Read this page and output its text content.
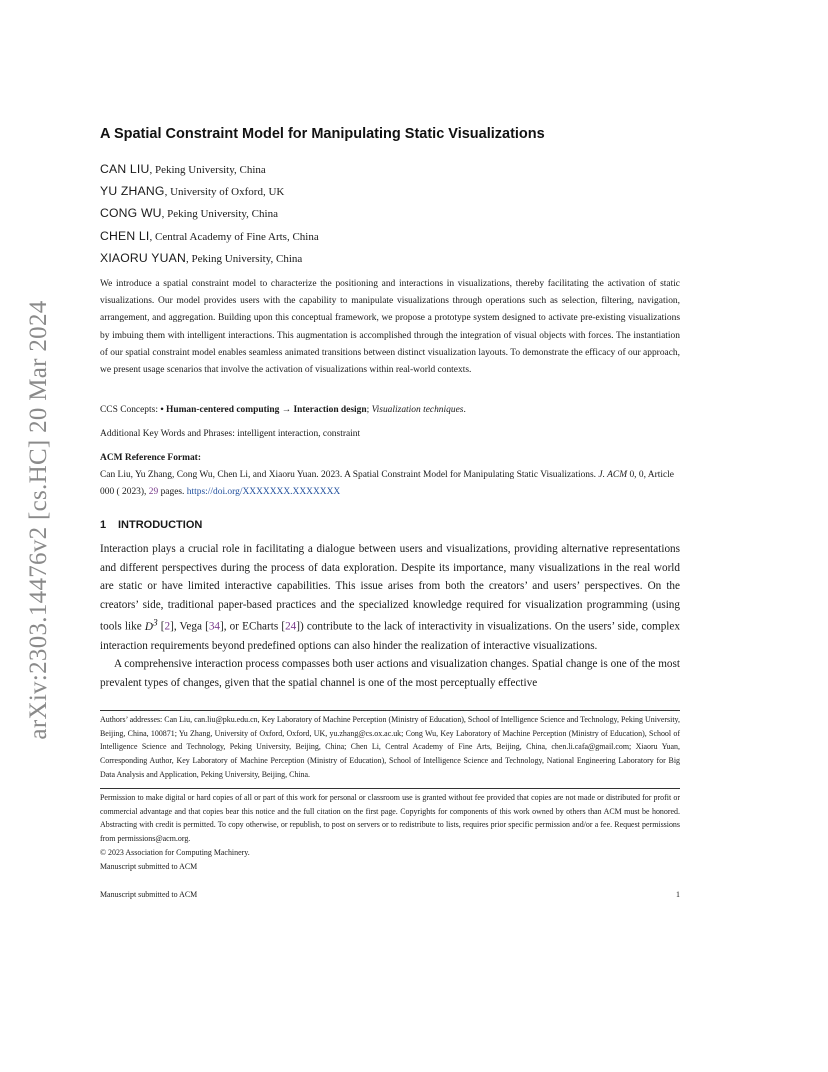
arXiv:2303.14476v2 [cs.HC] 20 Mar 2024
A Spatial Constraint Model for Manipulating Static Visualizations
CAN LIU, Peking University, China
YU ZHANG, University of Oxford, UK
CONG WU, Peking University, China
CHEN LI, Central Academy of Fine Arts, China
XIAORU YUAN, Peking University, China

We introduce a spatial constraint model to characterize the positioning and interactions in visualizations, thereby facilitating the activation of static visualizations. Our model provides users with the capability to manipulate visualizations through operations such as selection, filtering, navigation, arrangement, and aggregation. Building upon this conceptual framework, we propose a prototype system designed to activate pre-existing visualizations by imbuing them with intelligent interactions. This augmentation is accomplished through the integration of visual objects with forces. The instantiation of our spatial constraint model enables seamless animated transitions between distinct visualization layouts. To demonstrate the efficacy of our approach, we present usage scenarios that involve the activation of visualizations within real-world contexts.

CCS Concepts: • Human-centered computing → Interaction design; Visualization techniques.
Additional Key Words and Phrases: intelligent interaction, constraint
ACM Reference Format:

Can Liu, Yu Zhang, Cong Wu, Chen Li, and Xiaoru Yuan. 2023. A Spatial Constraint Model for Manipulating Static Visualizations. J. ACM 0, 0, Article 000 ( 2023), 29 pages. https://doi.org/XXXXXXX.XXXXXXX

1 INTRODUCTION

Interaction plays a crucial role in facilitating a dialogue between users and visualizations, providing alternative representations and different perspectives during the process of data exploration. Despite its importance, many visualizations in the real world are static or have limited interactive capabilities. This issue arises from both the creators’ and users’ perspectives. On the creators’ side, traditional paper-based practices and the specialized knowledge required for visualization programming (using tools like $D^3$ [2], Vega [34], or ECharts [24]) contribute to the lack of interactivity in visualizations. On the users’ side, complex interaction requirements beyond predefined options can also hinder the realization of interactive visualizations.

A comprehensive interaction process compasses both user actions and visualization changes. Spatial change is one of the most prevalent types of changes, given that the spatial channel is one of the most perceptually effective

Authors’ addresses: Can Liu, can.liu@pku.edu.cn, Key Laboratory of Machine Perception (Ministry of Education), School of Intelligence Science and Technology, Peking University, Beijing, China, 100871; Yu Zhang, University of Oxford, Oxford, UK, yu.zhang@cs.ox.ac.uk; Cong Wu, Key Laboratory of Machine Perception (Ministry of Education), School of Intelligence Science and Technology, Peking University, Beijing, China; Chen Li, Central Academy of Fine Arts, Beijing, China, chen.li.cafa@gmail.com; Xiaoru Yuan, Corresponding Author, Key Laboratory of Machine Perception (Ministry of Education), School of Intelligence Science and Technology, National Engineering Laboratory for Big Data Analysis and Application, Peking University, Beijing, China.

Permission to make digital or hard copies of all or part of this work for personal or classroom use is granted without fee provided that copies are not made or distributed for profit or commercial advantage and that copies bear this notice and the full citation on the first page. Copyrights for components of this work owned by others than ACM must be honored. Abstracting with credit is permitted. To copy otherwise, or republish, to post on servers or to redistribute to lists, requires prior specific permission and/or a fee. Request permissions from permissions@acm.org.

© 2023 Association for Computing Machinery.
Manuscript submitted to ACM
Manuscript submitted to ACM	1
